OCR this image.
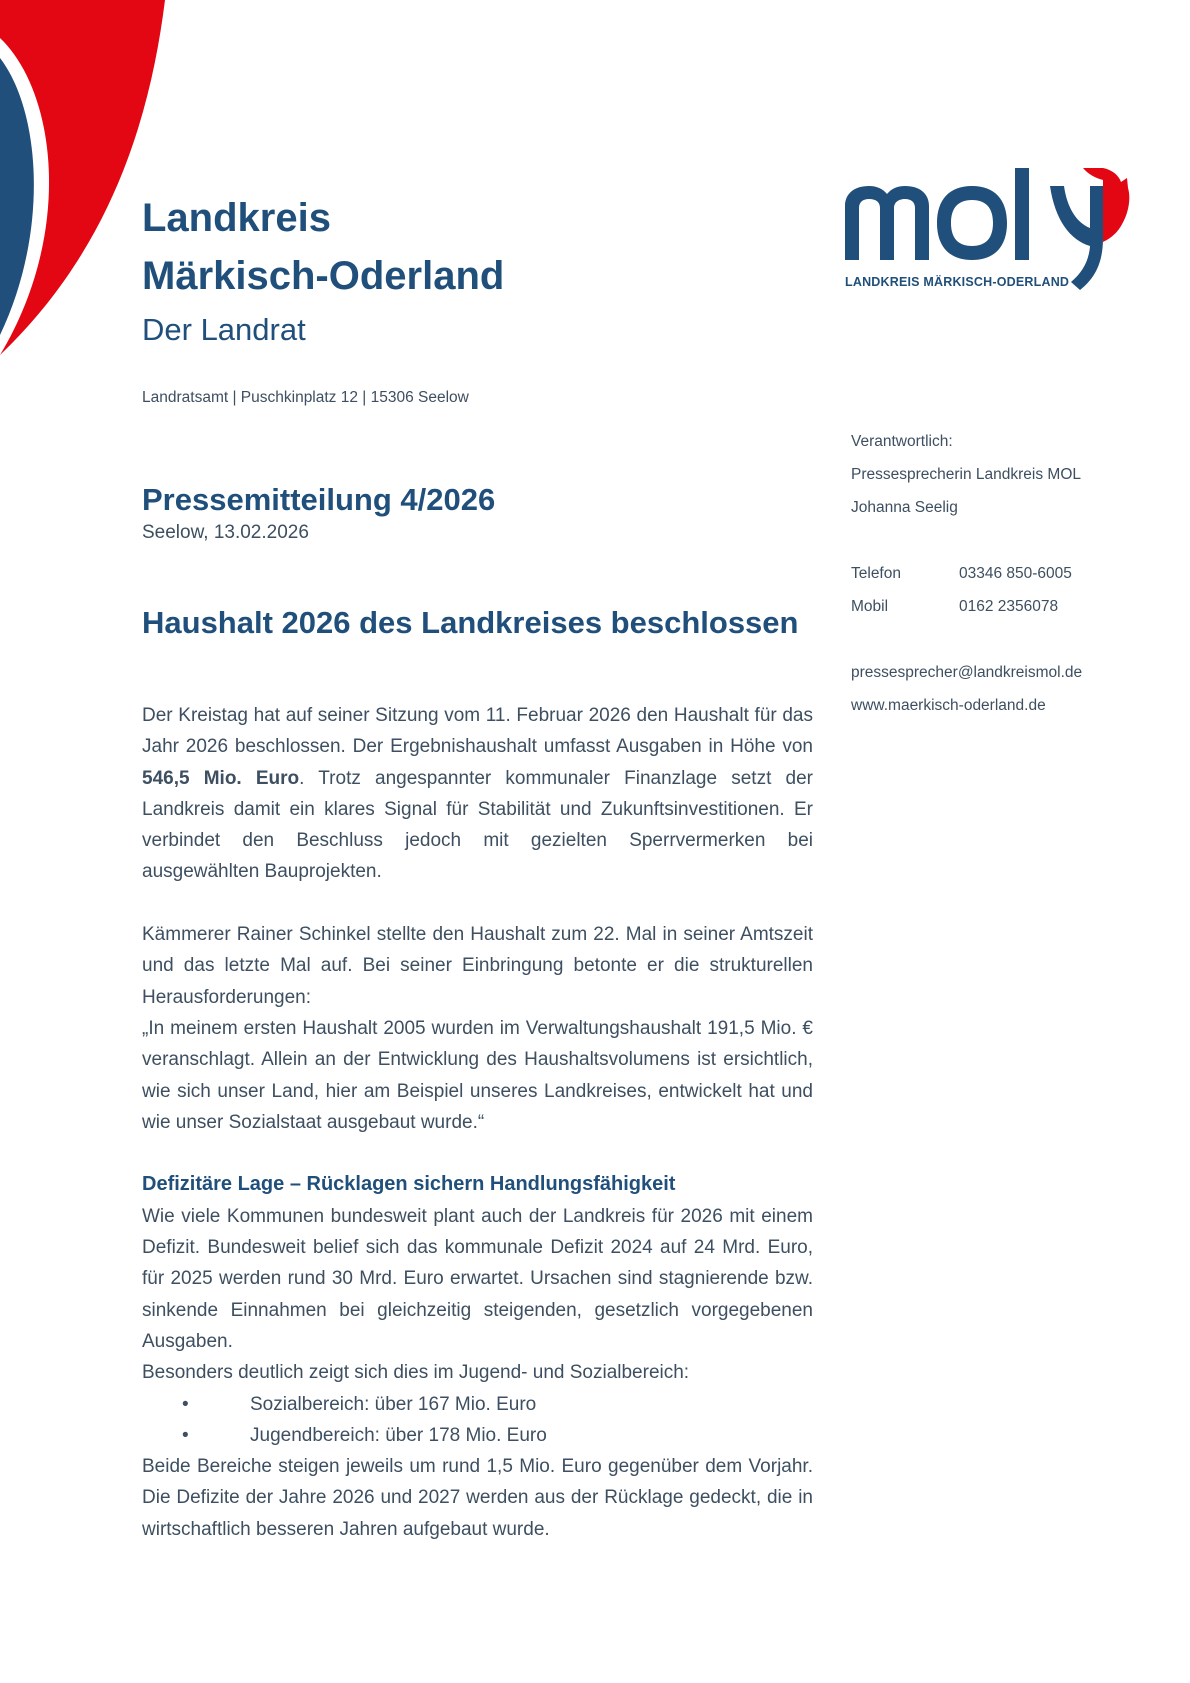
LANDKREIS MÄRKISCH-ODERLAND
Landkreis
Märkisch-Oderland
Der Landrat
Landratsamt | Puschkinplatz 12 | 15306 Seelow
Verantwortlich:
Pressesprecherin Landkreis MOL
Johanna Seelig
Telefon	03346 850-6005
Mobil	0162 2356078
pressesprecher@landkreismol.de
www.maerkisch-oderland.de
Pressemitteilung 4/2026
Seelow, 13.02.2026
Haushalt 2026 des Landkreises beschlossen

Der Kreistag hat auf seiner Sitzung vom 11. Februar 2026 den Haushalt für das Jahr 2026 beschlossen. Der Ergebnishaushalt umfasst Ausgaben in Höhe von 546,5 Mio. Euro. Trotz angespannter kommunaler Finanzlage setzt der Landkreis damit ein klares Signal für Stabilität und Zukunftsinvestitionen. Er verbindet den Beschluss jedoch mit gezielten Sperrvermerken bei ausgewählten Bauprojekten.

Kämmerer Rainer Schinkel stellte den Haushalt zum 22. Mal in seiner Amtszeit und das letzte Mal auf. Bei seiner Einbringung betonte er die strukturellen Herausforderungen:

„In meinem ersten Haushalt 2005 wurden im Verwaltungshaushalt 191,5 Mio. € veranschlagt. Allein an der Entwicklung des Haushaltsvolumens ist ersichtlich, wie sich unser Land, hier am Beispiel unseres Landkreises, entwickelt hat und wie unser Sozialstaat ausgebaut wurde.“

Defizitäre Lage – Rücklagen sichern Handlungsfähigkeit

Wie viele Kommunen bundesweit plant auch der Landkreis für 2026 mit einem Defizit. Bundesweit belief sich das kommunale Defizit 2024 auf 24 Mrd. Euro, für 2025 werden rund 30 Mrd. Euro erwartet. Ursachen sind stagnierende bzw. sinkende Einnahmen bei gleichzeitig steigenden, gesetzlich vorgegebenen Ausgaben.

Besonders deutlich zeigt sich dies im Jugend- und Sozialbereich:

•	Sozialbereich: über 167 Mio. Euro
•	Jugendbereich: über 178 Mio. Euro

Beide Bereiche steigen jeweils um rund 1,5 Mio. Euro gegenüber dem Vorjahr. Die Defizite der Jahre 2026 und 2027 werden aus der Rücklage gedeckt, die in wirtschaftlich besseren Jahren aufgebaut wurde.
